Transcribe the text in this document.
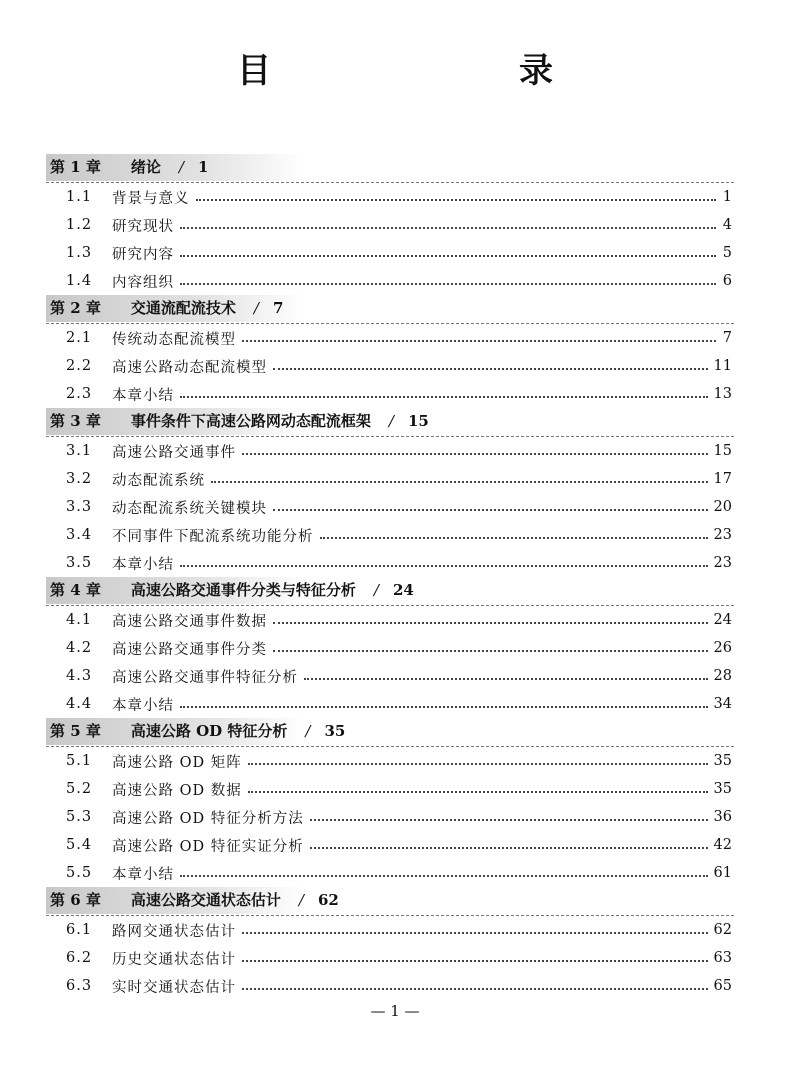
目　　录
第 1 章 绪论 / 1
1.1	背景与意义	1
1.2	研究现状	4
1.3	研究内容	5
1.4	内容组织	6
第 2 章 交通流配流技术 / 7
2.1	传统动态配流模型	7
2.2	高速公路动态配流模型	11
2.3	本章小结	13
第 3 章 事件条件下高速公路网动态配流框架 / 15
3.1	高速公路交通事件	15
3.2	动态配流系统	17
3.3	动态配流系统关键模块	20
3.4	不同事件下配流系统功能分析	23
3.5	本章小结	23
第 4 章 高速公路交通事件分类与特征分析 / 24
4.1	高速公路交通事件数据	24
4.2	高速公路交通事件分类	26
4.3	高速公路交通事件特征分析	28
4.4	本章小结	34
第 5 章 高速公路 OD 特征分析 / 35
5.1	高速公路 OD 矩阵	35
5.2	高速公路 OD 数据	35
5.3	高速公路 OD 特征分析方法	36
5.4	高速公路 OD 特征实证分析	42
5.5	本章小结	61
第 6 章 高速公路交通状态估计 / 62
6.1	路网交通状态估计	62
6.2	历史交通状态估计	63
6.3	实时交通状态估计	65
— 1 —
